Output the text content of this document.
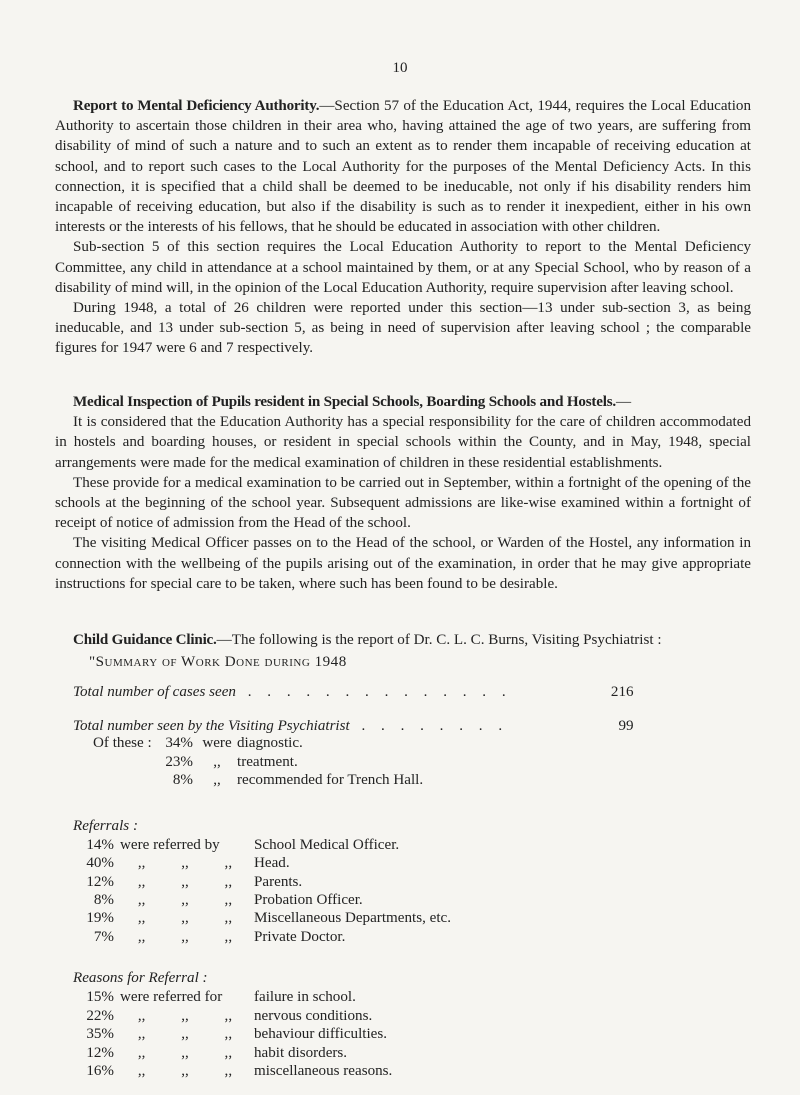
10

Report to Mental Deficiency Authority.—Section 57 of the Education Act, 1944, requires the Local Education Authority to ascertain those children in their area who, having attained the age of two years, are suffering from disability of mind of such a nature and to such an extent as to render them incapable of receiving education at school, and to report such cases to the Local Authority for the purposes of the Mental Deficiency Acts. In this connection, it is specified that a child shall be deemed to be ineducable, not only if his disability renders him incapable of receiving education, but also if the disability is such as to render it inexpedient, either in his own interests or the interests of his fellows, that he should be educated in association with other children.

Sub-section 5 of this section requires the Local Education Authority to report to the Mental Deficiency Committee, any child in attendance at a school maintained by them, or at any Special School, who by reason of a disability of mind will, in the opinion of the Local Education Authority, require supervision after leaving school.

During 1948, a total of 26 children were reported under this section—13 under sub-section 3, as being ineducable, and 13 under sub-section 5, as being in need of supervision after leaving school ; the comparable figures for 1947 were 6 and 7 respectively.

Medical Inspection of Pupils resident in Special Schools, Boarding Schools and Hostels.—

It is considered that the Education Authority has a special responsibility for the care of children accommodated in hostels and boarding houses, or resident in special schools within the County, and in May, 1948, special arrangements were made for the medical examination of children in these residential establishments.

These provide for a medical examination to be carried out in September, within a fortnight of the opening of the schools at the beginning of the school year. Subsequent admissions are like-wise examined within a fortnight of receipt of notice of admission from the Head of the school.

The visiting Medical Officer passes on to the Head of the school, or Warden of the Hostel, any information in connection with the wellbeing of the pupils arising out of the examination, in order that he may give appropriate instructions for special care to be taken, where such has been found to be desirable.

Child Guidance Clinic.—The following is the report of Dr. C. L. C. Burns, Visiting Psychiatrist :

"Summary of Work Done during 1948
Total number of cases seen . . . . . . . . . . . . . .	216
Total number seen by the Visiting Psychiatrist . . . . . . . .	99
Of these :	34%	were	diagnostic.
	23%	,,	treatment.
	8%	,,	recommended for Trench Hall.
Referrals :
14%	were referred by			School Medical Officer.
40%	,,	,,	,,	Head.
12%	,,	,,	,,	Parents.
8%	,,	,,	,,	Probation Officer.
19%	,,	,,	,,	Miscellaneous Departments, etc.
7%	,,	,,	,,	Private Doctor.
Reasons for Referral :
15%	were referred for			failure in school.
22%	,,	,,	,,	nervous conditions.
35%	,,	,,	,,	behaviour difficulties.
12%	,,	,,	,,	habit disorders.
16%	,,	,,	,,	miscellaneous reasons.
